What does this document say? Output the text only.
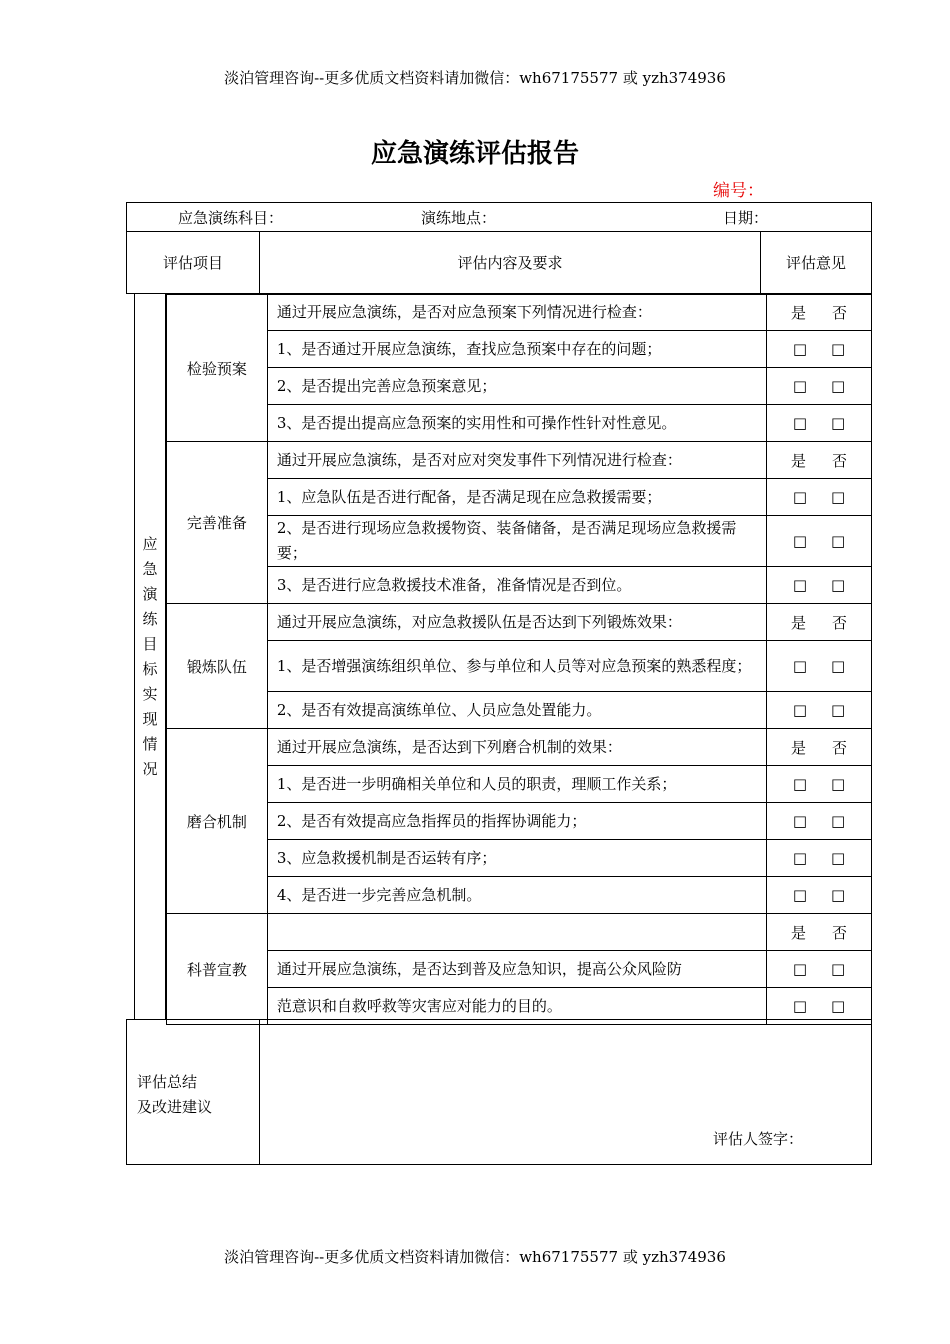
淡泊管理咨询--更多优质文档资料请加微信：wh67175577 或 yzh374936
淡泊管理咨询--更多优质文档资料请加微信：wh67175577 或 yzh374936
应急演练评估报告
编号：
应急演练科目：	演练地点：	日期：
评估项目	评估内容及要求	评估意见
应
急
演
练
目
标
实
现
情
况
检验预案	通过开展应急演练，是否对应急预案下列情况进行检查：	是 否
	1、是否通过开展应急演练，查找应急预案中存在的问题；	□ □
	2、是否提出完善应急预案意见；	□ □
	3、是否提出提高应急预案的实用性和可操作性针对性意见。	□ □
完善准备	通过开展应急演练，是否对应对突发事件下列情况进行检查：	是 否
	1、应急队伍是否进行配备，是否满足现在应急救援需要；	□ □
	2、是否进行现场应急救援物资、装备储备，是否满足现场应急救援需要；	□ □
	3、是否进行应急救援技术准备，准备情况是否到位。	□ □
锻炼队伍	通过开展应急演练，对应急救援队伍是否达到下列锻炼效果：	是 否
	1、是否增强演练组织单位、参与单位和人员等对应急预案的熟悉程度；	□ □
	2、是否有效提高演练单位、人员应急处置能力。	□ □
磨合机制	通过开展应急演练，是否达到下列磨合机制的效果：	是 否
	1、是否进一步明确相关单位和人员的职责，理顺工作关系；	□ □
	2、是否有效提高应急指挥员的指挥协调能力；	□ □
	3、应急救援机制是否运转有序；	□ □
	4、是否进一步完善应急机制。	□ □
科普宣教		是 否
	通过开展应急演练，是否达到普及应急知识，提高公众风险防	□ □
	范意识和自救呼救等灾害应对能力的目的。	□ □
评估总结
及改进建议
评估人签字：
